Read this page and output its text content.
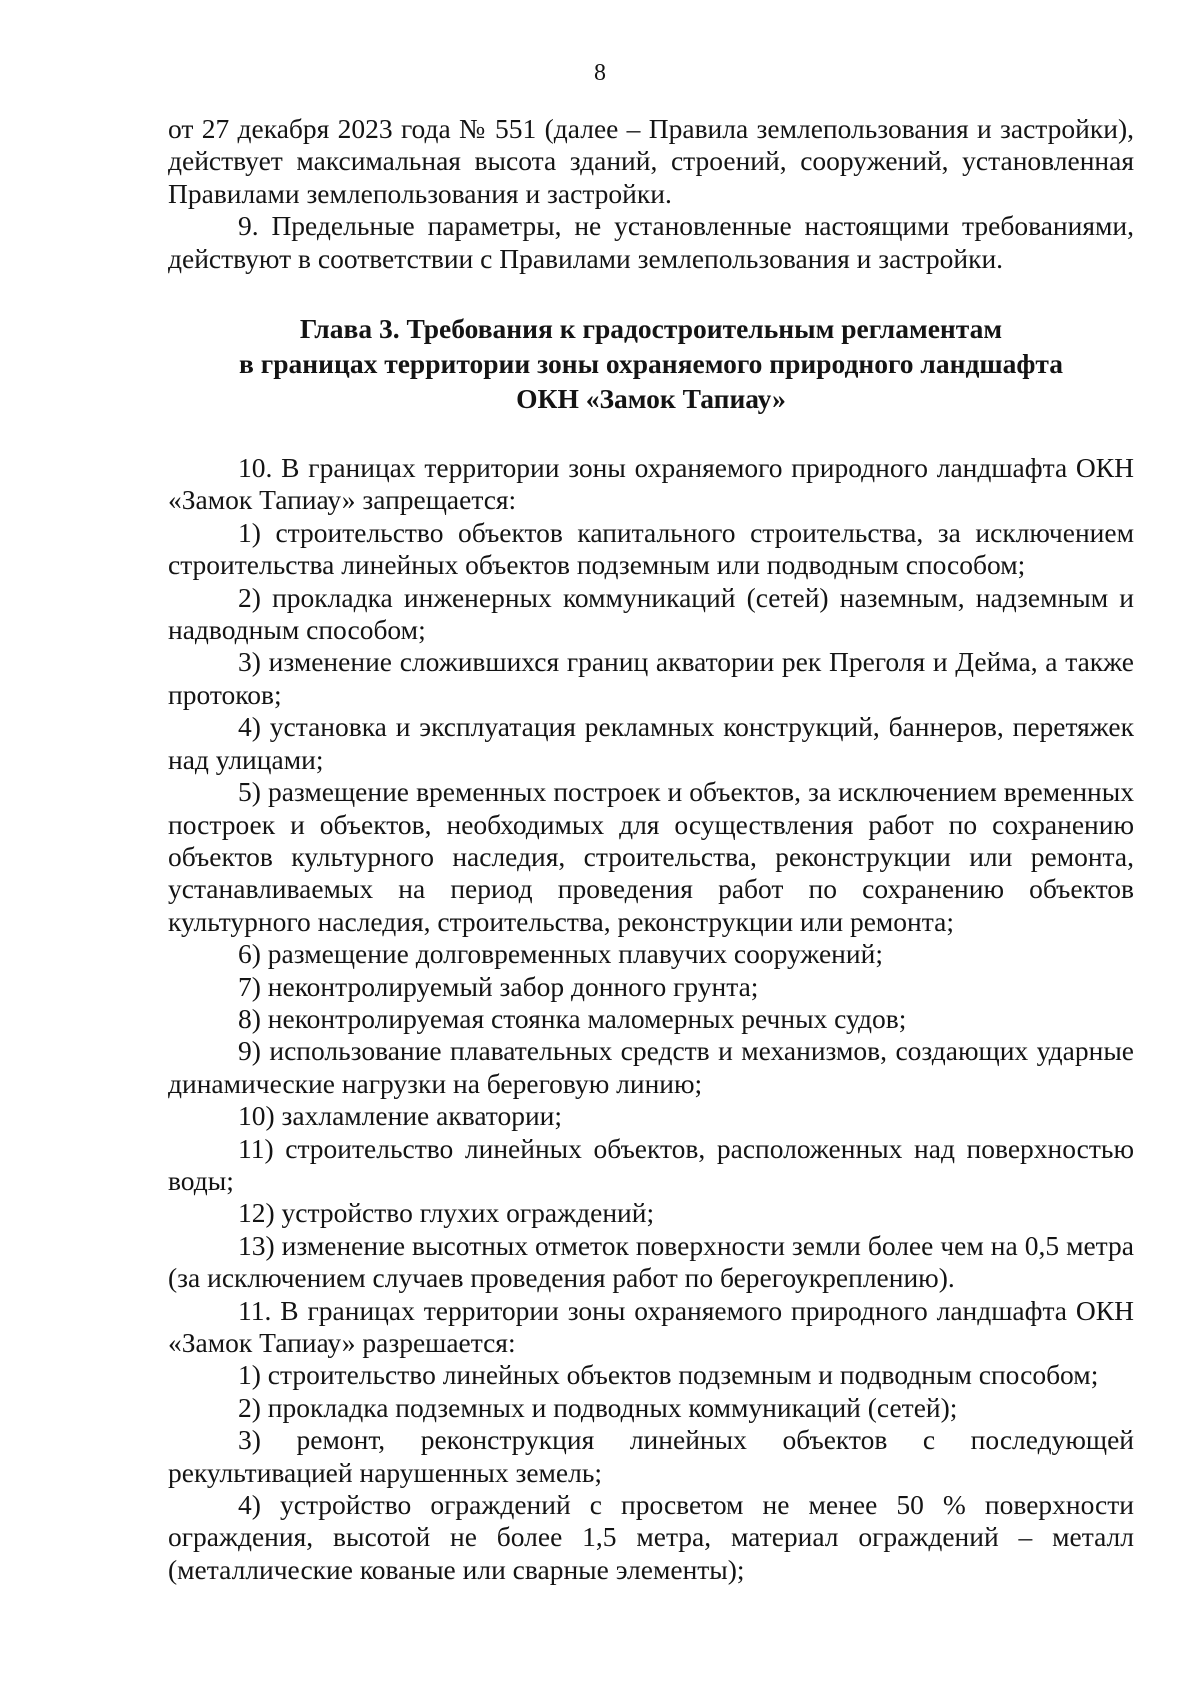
8

от 27 декабря 2023 года № 551 (далее – Правила землепользования и застройки), действует максимальная высота зданий, строений, сооружений, установленная Правилами землепользования и застройки.

9. Предельные параметры, не установленные настоящими требованиями, действуют в соответствии с Правилами землепользования и застройки.

Глава 3. Требования к градостроительным регламентам
в границах территории зоны охраняемого природного ландшафта
ОКН «Замок Тапиау»

10. В границах территории зоны охраняемого природного ландшафта ОКН «Замок Тапиау» запрещается:

1) строительство объектов капитального строительства, за исключением строительства линейных объектов подземным или подводным способом;

2) прокладка инженерных коммуникаций (сетей) наземным, надземным и надводным способом;

3) изменение сложившихся границ акватории рек Преголя и Дейма, а также протоков;

4) установка и эксплуатация рекламных конструкций, баннеров, перетяжек над улицами;

5) размещение временных построек и объектов, за исключением временных построек и объектов, необходимых для осуществления работ по сохранению объектов культурного наследия, строительства, реконструкции или ремонта, устанавливаемых на период проведения работ по сохранению объектов культурного наследия, строительства, реконструкции или ремонта;

6) размещение долговременных плавучих сооружений;

7) неконтролируемый забор донного грунта;

8) неконтролируемая стоянка маломерных речных судов;

9) использование плавательных средств и механизмов, создающих ударные динамические нагрузки на береговую линию;

10) захламление акватории;

11) строительство линейных объектов, расположенных над поверхностью воды;

12) устройство глухих ограждений;

13) изменение высотных отметок поверхности земли более чем на 0,5 метра (за исключением случаев проведения работ по берегоукреплению).

11. В границах территории зоны охраняемого природного ландшафта ОКН «Замок Тапиау» разрешается:

1) строительство линейных объектов подземным и подводным способом;

2) прокладка подземных и подводных коммуникаций (сетей);

3) ремонт, реконструкция линейных объектов с последующей рекультивацией нарушенных земель;

4) устройство ограждений с просветом не менее 50 % поверхности ограждения, высотой не более 1,5 метра, материал ограждений – металл (металлические кованые или сварные элементы);
